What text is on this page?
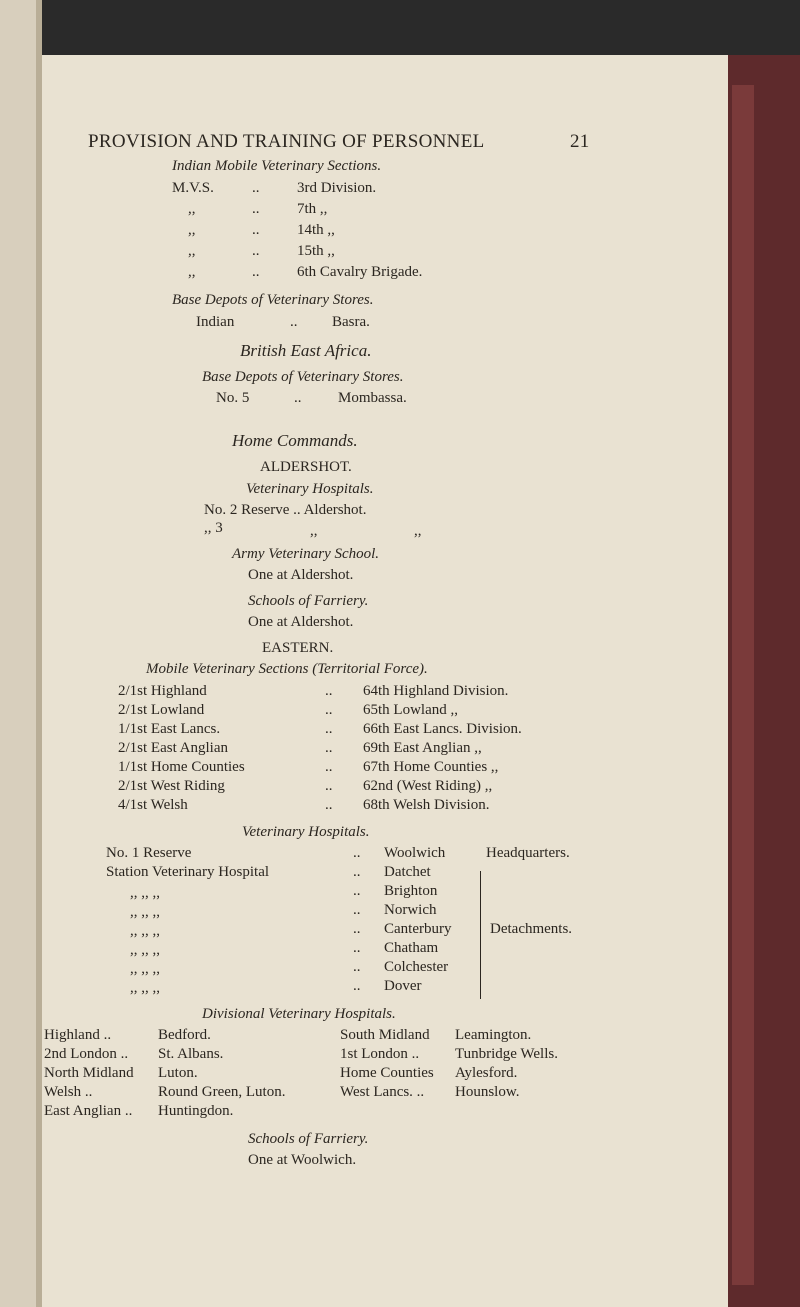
PROVISION AND TRAINING OF PERSONNEL	21
Indian Mobile Veterinary Sections.
M.V.S.	..	3rd Division.
,,	..	7th ,,
,,	..	14th ,,
,,	..	15th ,,
,,	..	6th Cavalry Brigade.
Base Depots of Veterinary Stores.
Indian	.. Basra.
British East Africa.
Base Depots of Veterinary Stores.
No. 5	.. Mombassa.
Home Commands.
ALDERSHOT.
Veterinary Hospitals.
No. 2 Reserve .. Aldershot.
,, 3	,,	,,
Army Veterinary School.
One at Aldershot.
Schools of Farriery.
One at Aldershot.
EASTERN.
Mobile Veterinary Sections (Territorial Force).
2/1st Highland	.. 64th Highland Division.
2/1st Lowland	.. 65th Lowland ,,
1/1st East Lancs.	.. 66th East Lancs. Division.
2/1st East Anglian	.. 69th East Anglian ,,
1/1st Home Counties	.. 67th Home Counties ,,
2/1st West Riding	.. 62nd (West Riding) ,,
4/1st Welsh	.. 68th Welsh Division.
Veterinary Hospitals.
No. 1 Reserve	.. Woolwich	Headquarters.
Station Veterinary Hospital	.. Datchet
,, ,, ,,	.. Brighton
,, ,, ,,	.. Norwich
,, ,, ,,	.. Canterbury
,, ,, ,,	.. Chatham
,, ,, ,,	.. Colchester
,, ,, ,,	.. Dover
Detachments.
Divisional Veterinary Hospitals.
Highland ..	Bedford.	South Midland Leamington.
2nd London .. St. Albans.	1st London .. Tunbridge Wells.
North Midland Luton.	Home Counties Aylesford.
Welsh ..	Round Green, Luton.	West Lancs. .. Hounslow.
East Anglian .. Huntingdon.
Schools of Farriery.
One at Woolwich.
